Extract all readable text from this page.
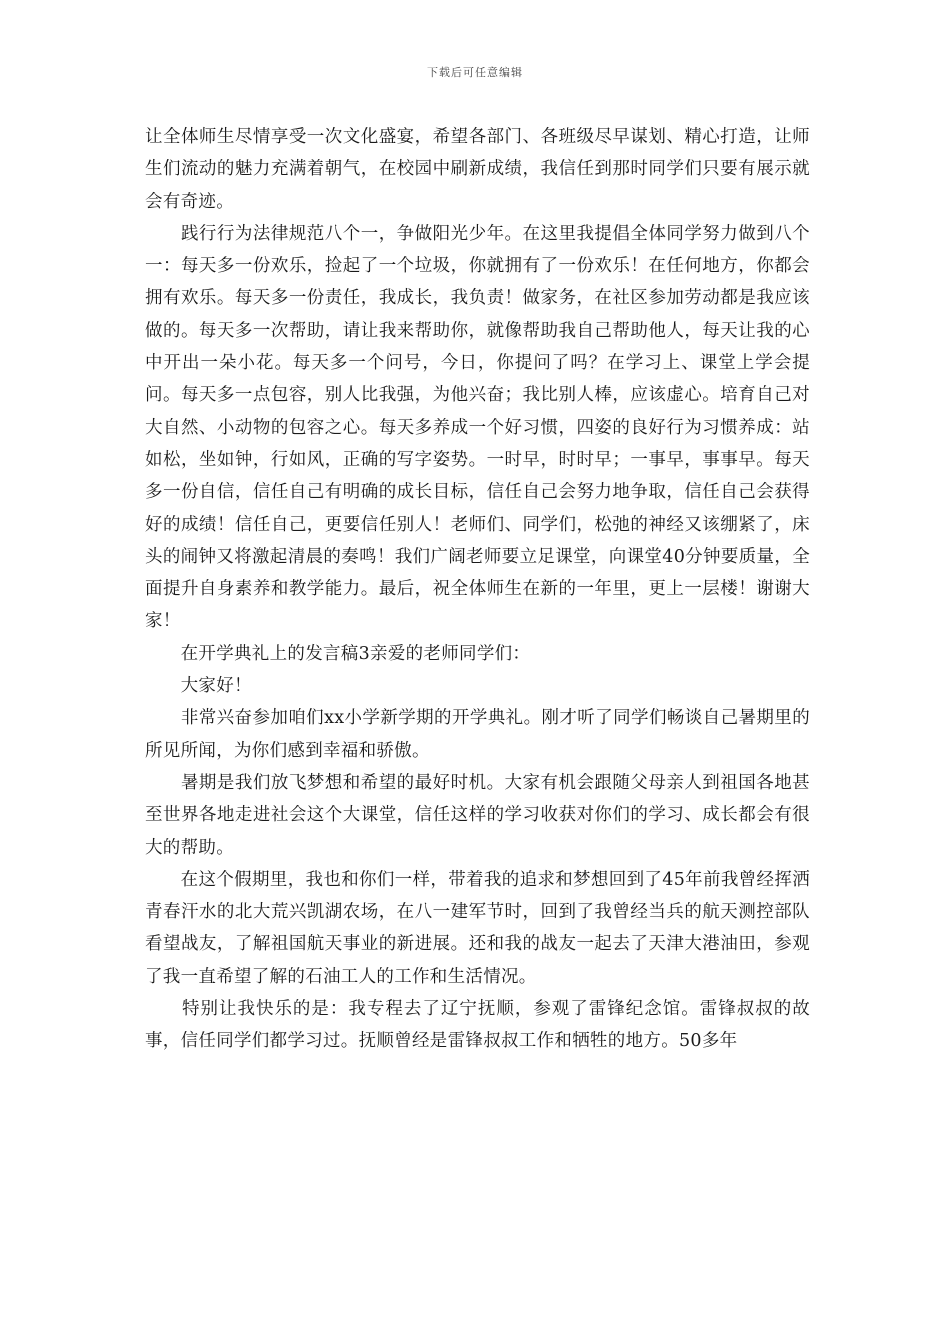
下载后可任意编辑

让全体师生尽情享受一次文化盛宴，希望各部门、各班级尽早谋划、精心打造，让师生们流动的魅力充满着朝气，在校园中刷新成绩，我信任到那时同学们只要有展示就会有奇迹。

　　践行行为法律规范八个一，争做阳光少年。在这里我提倡全体同学努力做到八个一：每天多一份欢乐，捡起了一个垃圾，你就拥有了一份欢乐！在任何地方，你都会拥有欢乐。每天多一份责任，我成长，我负责！做家务，在社区参加劳动都是我应该做的。每天多一次帮助，请让我来帮助你，就像帮助我自己帮助他人，每天让我的心中开出一朵小花。每天多一个问号，今日，你提问了吗？在学习上、课堂上学会提问。每天多一点包容，别人比我强，为他兴奋；我比别人棒，应该虚心。培育自己对大自然、小动物的包容之心。每天多养成一个好习惯，四姿的良好行为习惯养成：站如松，坐如钟，行如风，正确的写字姿势。一时早，时时早；一事早，事事早。每天多一份自信，信任自己有明确的成长目标，信任自己会努力地争取，信任自己会获得好的成绩！信任自己，更要信任别人！老师们、同学们，松弛的神经又该绷紧了，床头的闹钟又将激起清晨的奏鸣！我们广阔老师要立足课堂，向课堂40分钟要质量，全面提升自身素养和教学能力。最后，祝全体师生在新的一年里，更上一层楼！谢谢大家！

　　在开学典礼上的发言稿3亲爱的老师同学们：

　　大家好！

　　非常兴奋参加咱们xx小学新学期的开学典礼。刚才听了同学们畅谈自己暑期里的所见所闻，为你们感到幸福和骄傲。

　　暑期是我们放飞梦想和希望的最好时机。大家有机会跟随父母亲人到祖国各地甚至世界各地走进社会这个大课堂，信任这样的学习收获对你们的学习、成长都会有很大的帮助。

　　在这个假期里，我也和你们一样，带着我的追求和梦想回到了45年前我曾经挥洒青春汗水的北大荒兴凯湖农场，在八一建军节时，回到了我曾经当兵的航天测控部队看望战友，了解祖国航天事业的新进展。还和我的战友一起去了天津大港油田，参观了我一直希望了解的石油工人的工作和生活情况。

　　特别让我快乐的是：我专程去了辽宁抚顺，参观了雷锋纪念馆。雷锋叔叔的故事，信任同学们都学习过。抚顺曾经是雷锋叔叔工作和牺牲的地方。50多年
